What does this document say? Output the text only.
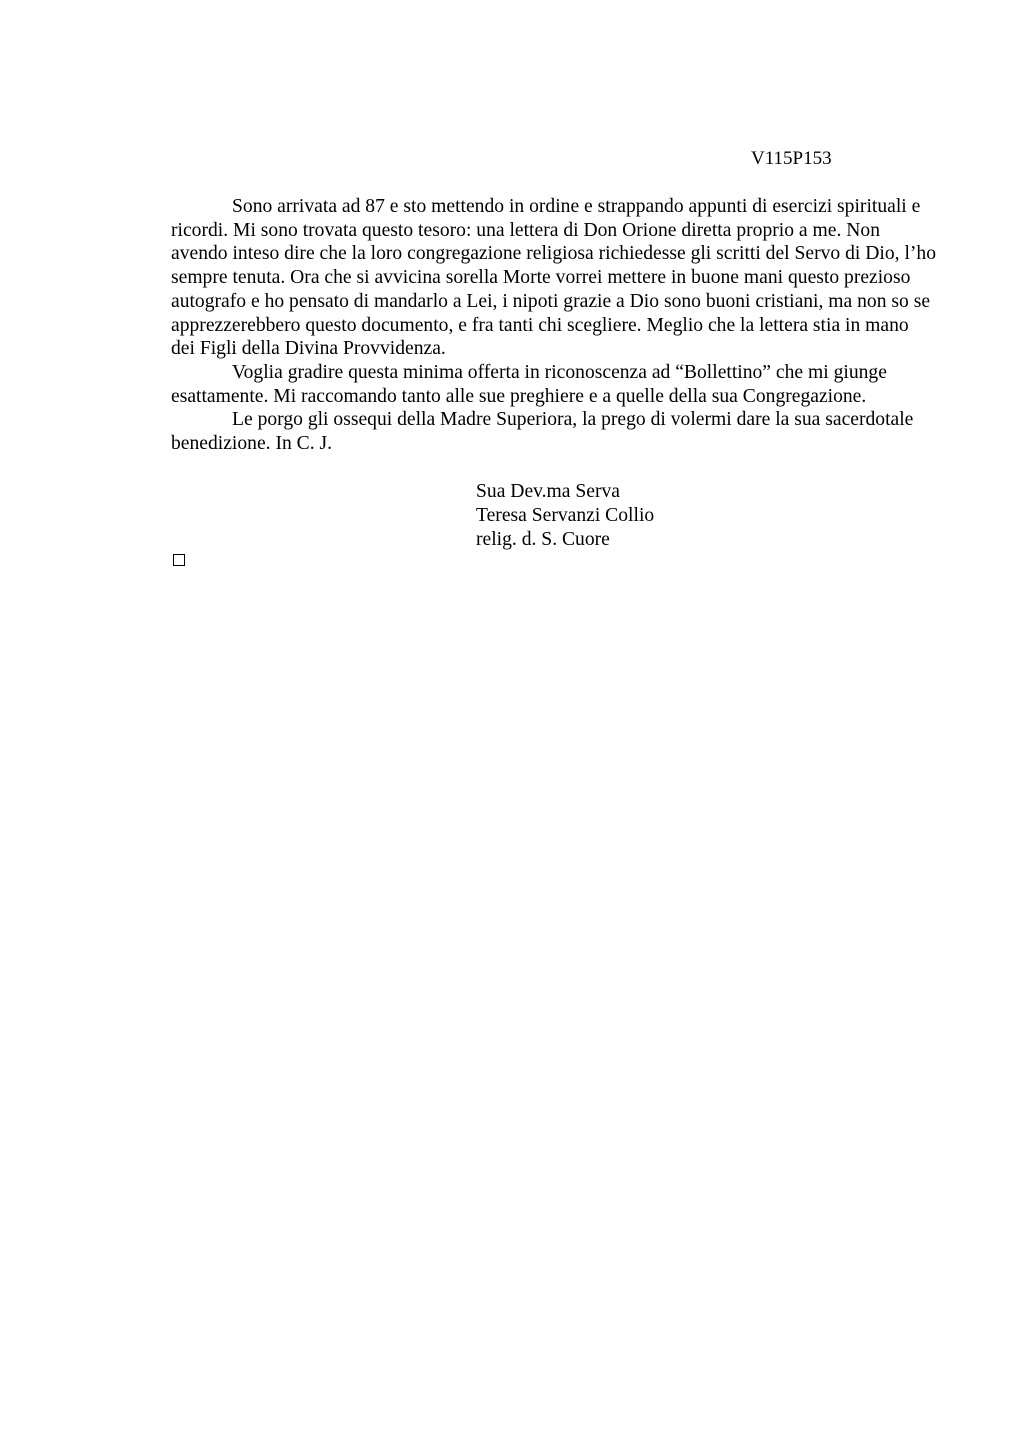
V115P153

Sono arrivata ad 87 e sto mettendo in ordine e strappando appunti di esercizi spirituali e ricordi. Mi sono trovata questo tesoro: una lettera di Don Orione diretta proprio a me. Non avendo inteso dire che la loro congregazione religiosa richiedesse gli scritti del Servo di Dio, l’ho sempre tenuta. Ora che si avvicina sorella Morte vorrei mettere in buone mani questo prezioso autografo e ho pensato di mandarlo a Lei, i nipoti grazie a Dio sono buoni cristiani, ma non so se apprezzerebbero questo documento, e fra tanti chi scegliere. Meglio che la lettera stia in mano dei Figli della Divina Provvidenza.

Voglia gradire questa minima offerta in riconoscenza ad “Bollettino” che mi giunge esattamente. Mi raccomando tanto alle sue preghiere e a quelle della sua Congregazione.

Le porgo gli ossequi della Madre Superiora, la prego di volermi dare la sua sacerdotale benedizione. In C. J.

Sua Dev.ma Serva
Teresa Servanzi Collio
relig. d. S. Cuore
